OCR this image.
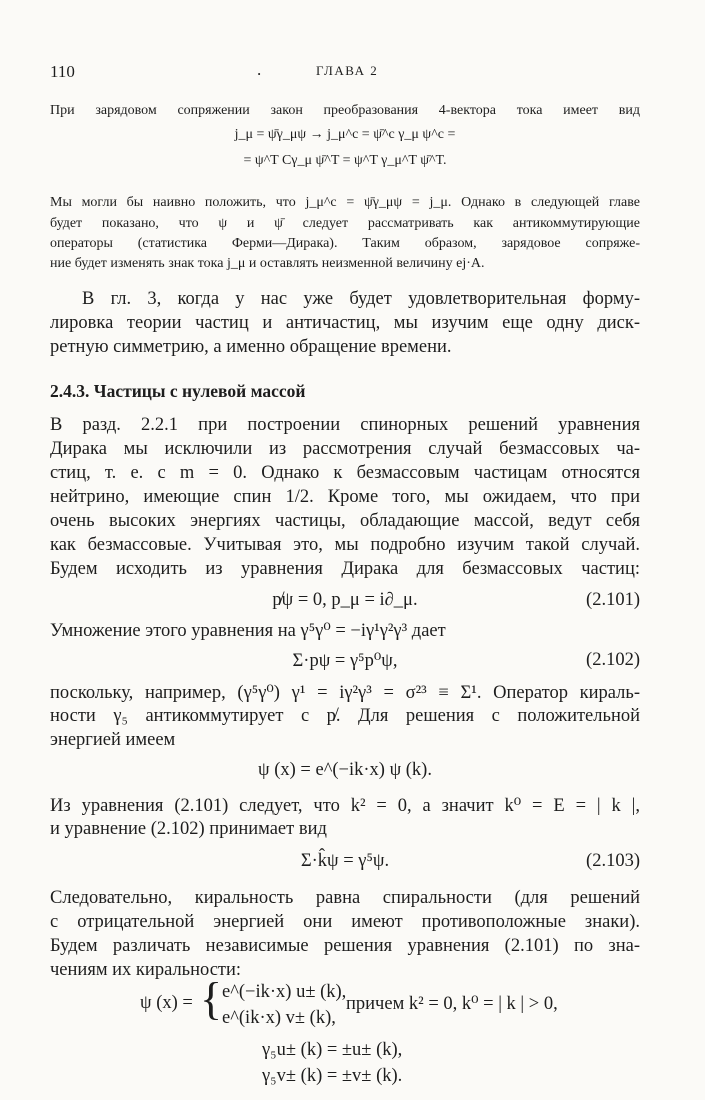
110	.	ГЛАВА 2
При зарядовом сопряжении закон преобразования 4-вектора тока имеет вид
j_μ = ψ̄γ_μψ → j_μ^c = ψ̄^c γ_μ ψ^c =
= ψ^T Cγ_μ ψ̄^T = ψ^T γ_μ^T ψ̄^T.
Мы могли бы наивно положить, что j_μ^c = ψ̄γ_μψ = j_μ. Однако в следующей главе
будет показано, что ψ и ψ̄ следует рассматривать как антикоммутирующие
операторы (статистика Ферми—Дирака). Таким образом, зарядовое сопряже-
ние будет изменять знак тока j_μ и оставлять неизменной величину ej·A.
В гл. 3, когда у нас уже будет удовлетворительная форму-
лировка теории частиц и античастиц, мы изучим еще одну диск-
ретную симметрию, а именно обращение времени.
2.4.3. Частицы с нулевой массой
В разд. 2.2.1 при построении спинорных решений уравнения
Дирака мы исключили из рассмотрения случай безмассовых ча-
стиц, т. е. с m = 0. Однако к безмассовым частицам относятся
нейтрино, имеющие спин 1/2. Кроме того, мы ожидаем, что при
очень высоких энергиях частицы, обладающие массой, ведут себя
как безмассовые. Учитывая это, мы подробно изучим такой случай.
Будем исходить из уравнения Дирака для безмассовых частиц:
p̸ψ = 0, p_μ = i∂_μ.	(2.101)
Умножение этого уравнения на γ⁵γ⁰ = −iγ¹γ²γ³ дает
Σ·pψ = γ⁵p⁰ψ,	(2.102)
поскольку, например, (γ⁵γ⁰) γ¹ = iγ²γ³ = σ²³ ≡ Σ¹. Оператор кираль-
ности γ₅ антикоммутирует с p̸. Для решения с положительной
энергией имеем
ψ (x) = e^(−ik·x) ψ (k).
Из уравнения (2.101) следует, что k² = 0, а значит k⁰ = E = | k |,
и уравнение (2.102) принимает вид
Σ·k̂ψ = γ⁵ψ.	(2.103)
Следовательно, киральность равна спиральности (для решений
с отрицательной энергией они имеют противоположные знаки).
Будем различать независимые решения уравнения (2.101) по зна-
чениям их киральности:
ψ (x) = { e^(−ik·x) u± (k),
e^(ik·x) v± (k),
причем k² = 0, k⁰ = | k | > 0,
γ₅u± (k) = ±u± (k),
γ₅v± (k) = ±v± (k).
